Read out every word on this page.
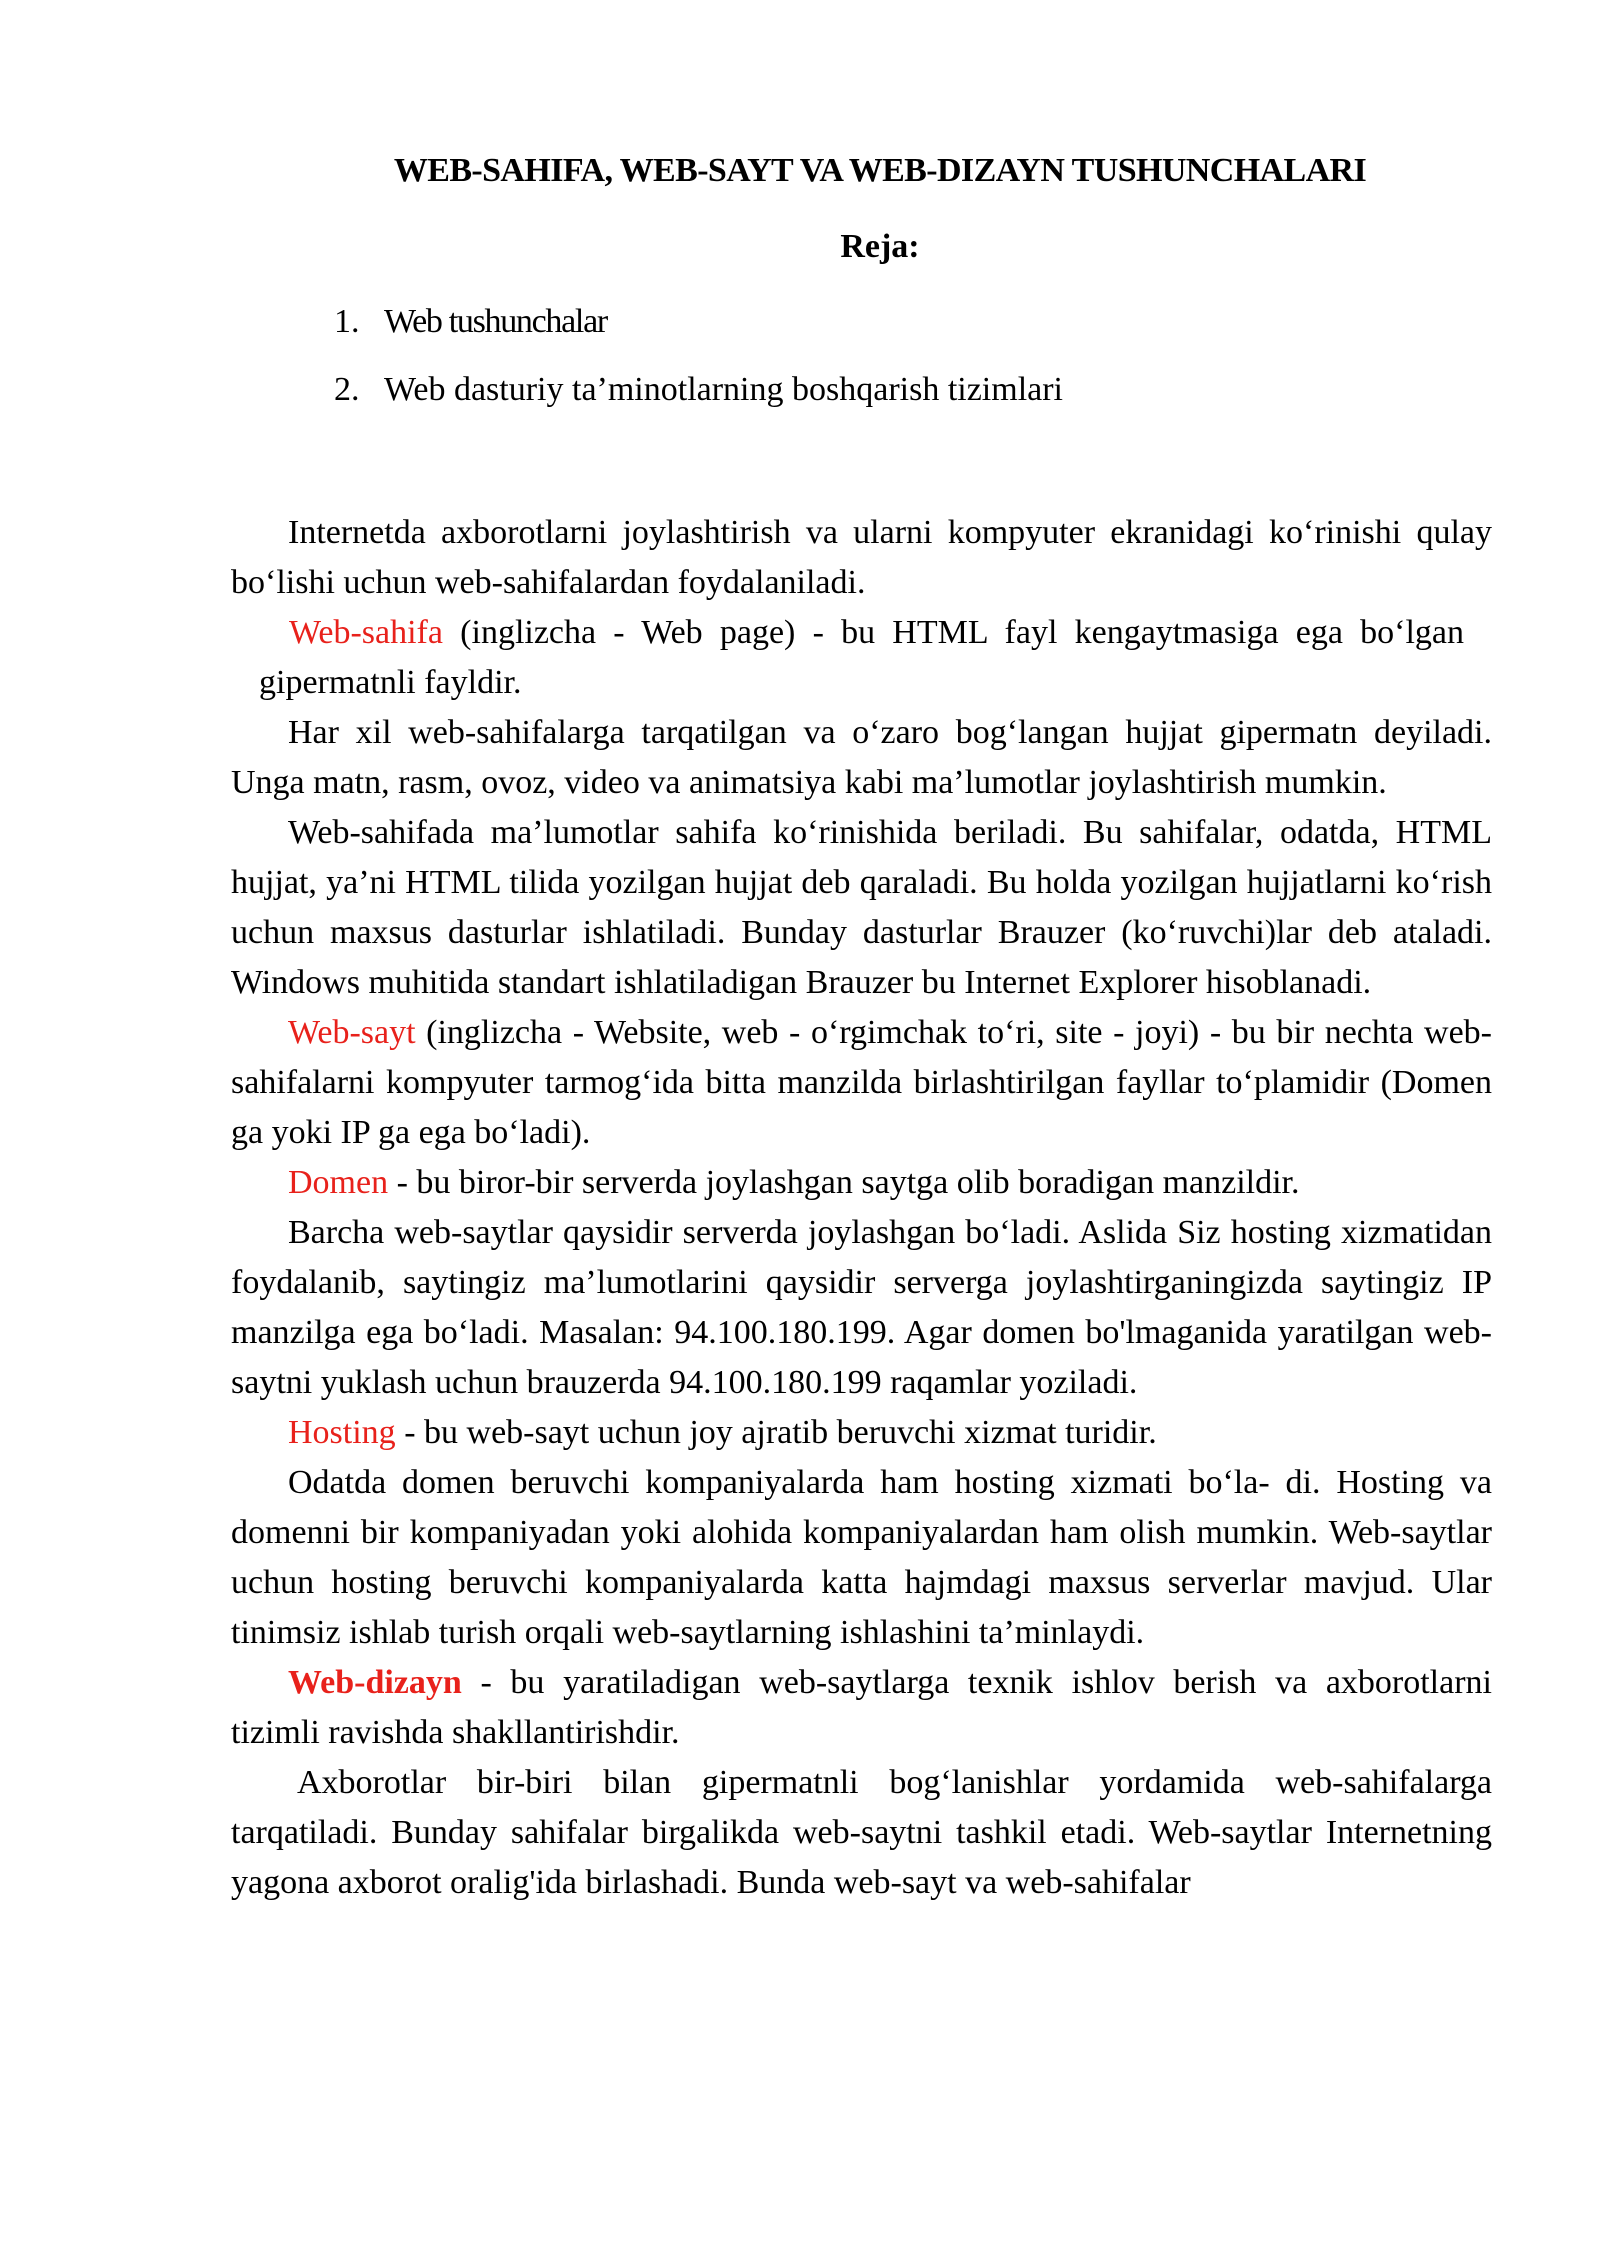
WEB-SAHIFA, WEB-SAYT VA WEB-DIZAYN TUSHUNCHALARI
Reja:
1. Web tushunchalar
2. Web dasturiy ta’minotlarning boshqarish tizimlari

Internetda axborotlarni joylashtirish va ularni kompyuter ekranidagi ko‘rinishi qulay bo‘lishi uchun web-sahifalardan foydalaniladi.

Web-sahifa (inglizcha - Web page) - bu HTML fayl kengaytmasiga ega bo‘lgan gipermatnli fayldir.

Har xil web-sahifalarga tarqatilgan va o‘zaro bog‘langan hujjat gipermatn deyiladi. Unga matn, rasm, ovoz, video va animatsiya kabi ma’lumotlar joylashtirish mumkin.

Web-sahifada ma’lumotlar sahifa ko‘rinishida beriladi. Bu sahifalar, odatda, HTML hujjat, ya’ni HTML tilida yozilgan hujjat deb qaraladi. Bu holda yozilgan hujjatlarni ko‘rish uchun maxsus dasturlar ishlatiladi. Bunday dasturlar Brauzer (ko‘ruvchi)lar deb ataladi. Windows muhitida standart ishlatiladigan Brauzer bu Internet Explorer hisoblanadi.

Web-sayt (inglizcha - Website, web - o‘rgimchak to‘ri, site - joyi) - bu bir nechta web-sahifalarni kompyuter tarmog‘ida bitta manzilda birlashtirilgan fayllar to‘plamidir (Domen ga yoki IP ga ega bo‘ladi).

Domen - bu biror-bir serverda joylashgan saytga olib boradigan manzildir.

Barcha web-saytlar qaysidir serverda joylashgan bo‘ladi. Aslida Siz hosting xizmatidan foydalanib, saytingiz ma’lumotlarini qaysidir serverga joylashtirganingizda saytingiz IP manzilga ega bo‘ladi. Masalan: 94.100.180.199. Agar domen bo'lmaganida yaratilgan web-saytni yuklash uchun brauzerda 94.100.180.199 raqamlar yoziladi.

Hosting - bu web-sayt uchun joy ajratib beruvchi xizmat turidir.

Odatda domen beruvchi kompaniyalarda ham hosting xizmati bo‘la- di. Hosting va domenni bir kompaniyadan yoki alohida kompaniyalardan ham olish mumkin. Web-saytlar uchun hosting beruvchi kompaniyalarda katta hajmdagi maxsus serverlar mavjud. Ular tinimsiz ishlab turish orqali web-saytlarning ishlashini ta’minlaydi.

Web-dizayn - bu yaratiladigan web-saytlarga texnik ishlov berish va axborotlarni tizimli ravishda shakllantirishdir.

Axborotlar bir-biri bilan gipermatnli bog‘lanishlar yordamida web-sahifalarga tarqatiladi. Bunday sahifalar birgalikda web-saytni tashkil etadi. Web-saytlar Internetning yagona axborot oralig'ida birlashadi. Bunda web-sayt va web-sahifalar
